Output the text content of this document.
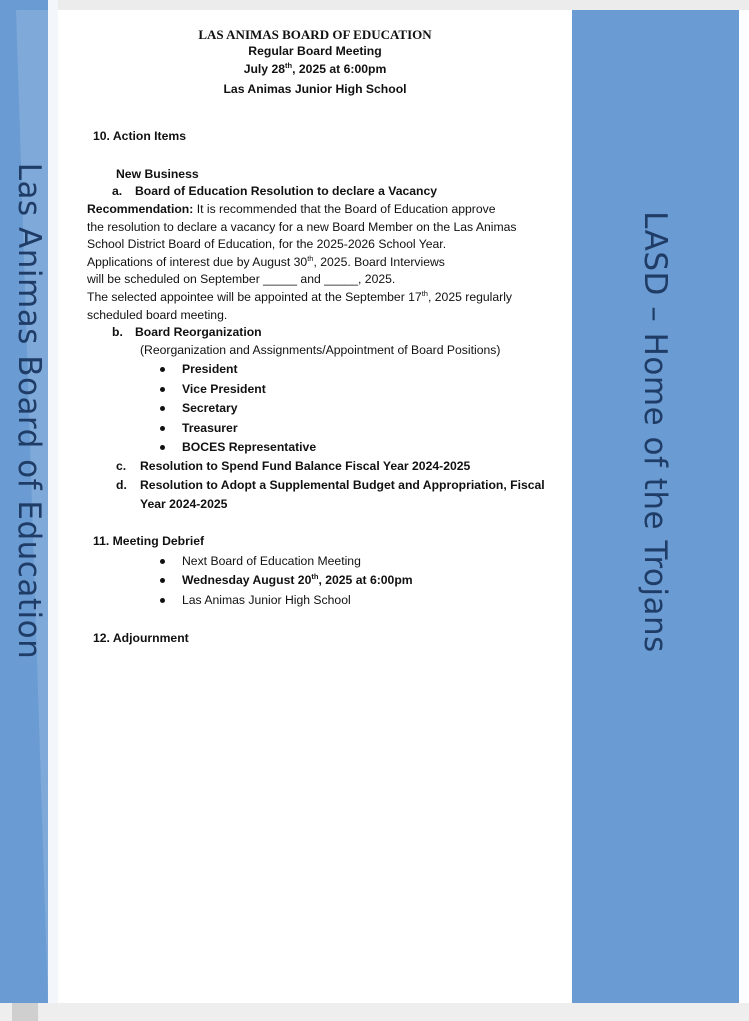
Las Animas Board of Education	LASD – Home of the Trojans
LAS ANIMAS BOARD OF EDUCATION
Regular Board Meeting
July 28th, 2025 at 6:00pm
Las Animas Junior High School
10. Action Items
New Business
a. Board of Education Resolution to declare a Vacancy
Recommendation: It is recommended that the Board of Education approve
the resolution to declare a vacancy for a new Board Member on the Las Animas
School District Board of Education, for the 2025-2026 School Year.
Applications of interest due by August 30th, 2025. Board Interviews
will be scheduled on September _____ and _____, 2025.
The selected appointee will be appointed at the September 17th, 2025 regularly
scheduled board meeting.
b. Board Reorganization
(Reorganization and Assignments/Appointment of Board Positions)
President
Vice President
Secretary
Treasurer
BOCES Representative
c. Resolution to Spend Fund Balance Fiscal Year 2024-2025
d. Resolution to Adopt a Supplemental Budget and Appropriation, Fiscal
Year 2024-2025
11. Meeting Debrief
Next Board of Education Meeting
Wednesday August 20th, 2025 at 6:00pm
Las Animas Junior High School
12. Adjournment
